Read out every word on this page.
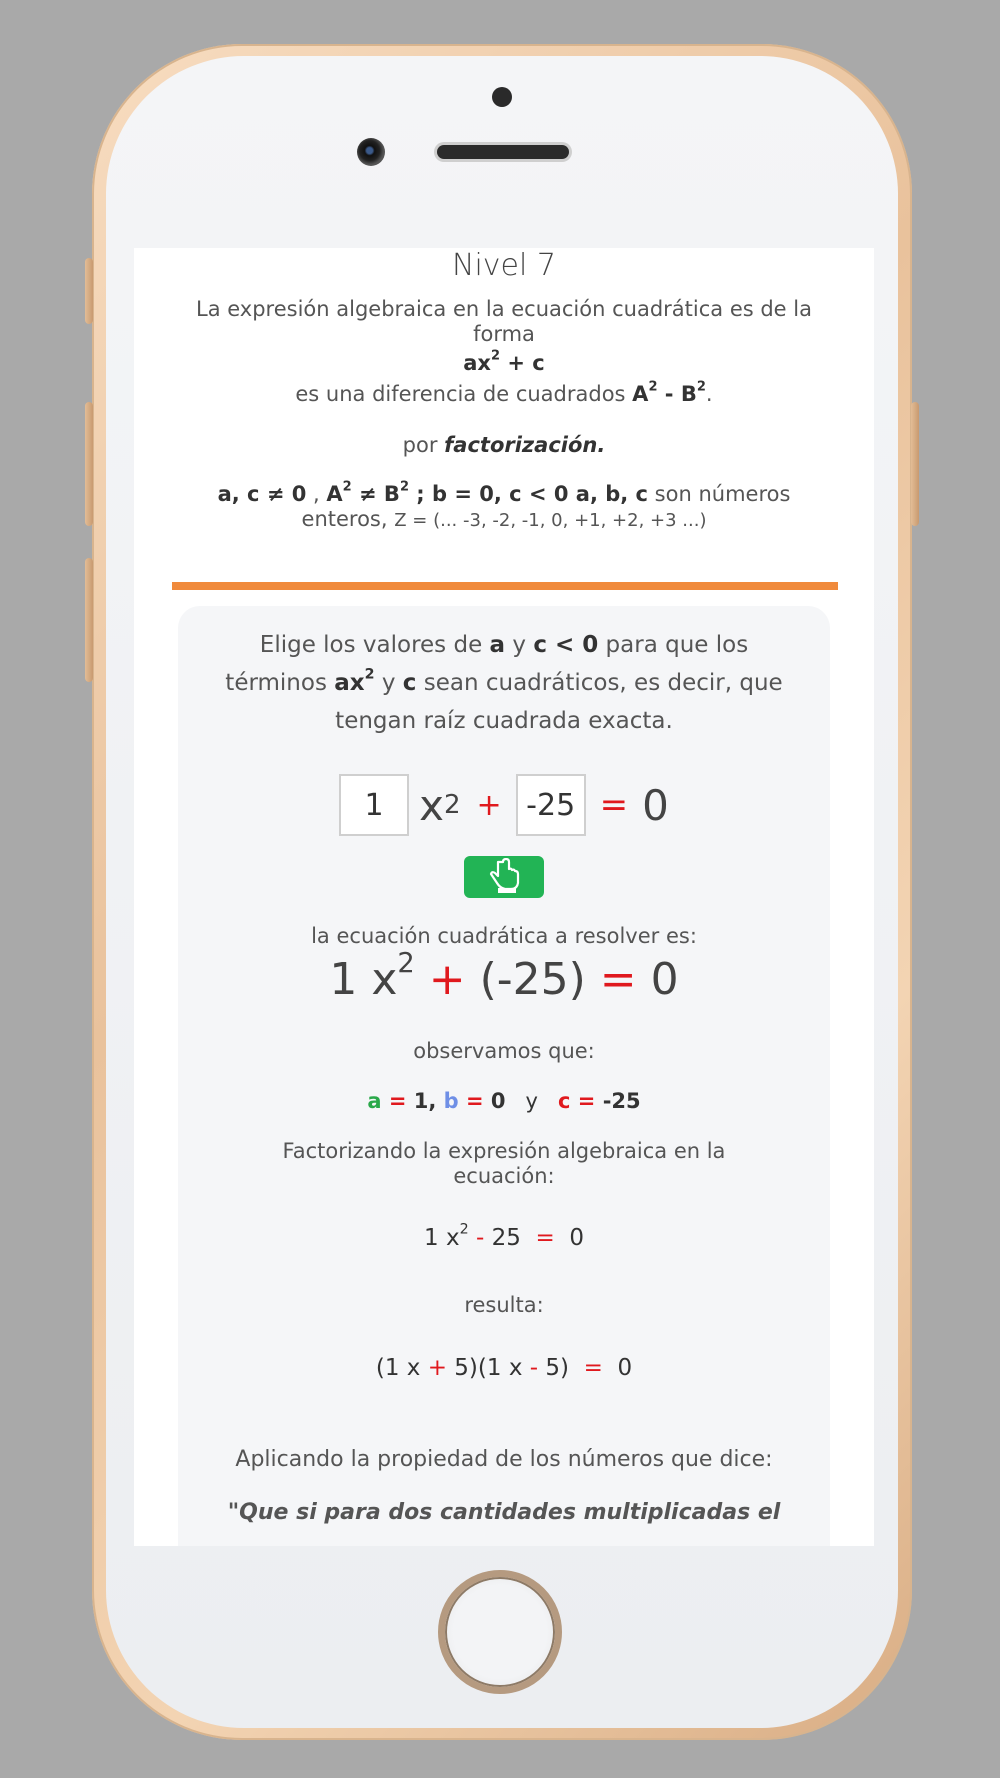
Nivel 7
La expresión algebraica en la ecuación cuadrática es de la forma
$ax^2 + c$
es una diferencia de cuadrados $A^2 - B^2$.
por factorización.
a, c ≠ 0 , $A^2 \ne B^2$ ; b = 0, c < 0 a, b, c son números enteros, Z = (... -3, -2, -1, 0, +1, +2, +3 ...)
Elige los valores de a y c < 0 para que los términos $ax^2$ y c sean cuadráticos, es decir, que tengan raíz cuadrada exacta.
1
x 2 +
-25	= 0
la ecuación cuadrática a resolver es:
1 $x^2 + (-25) = 0$
observamos que:
a = 1, b = 0   y   c = -25
Factorizando la expresión algebraica en la ecuación:
1 $x^2 - 25 = 0$
resulta:
(1 x + 5)(1 x - 5)  =  0
Aplicando la propiedad de los números que dice:
"Que si para dos cantidades multiplicadas el
